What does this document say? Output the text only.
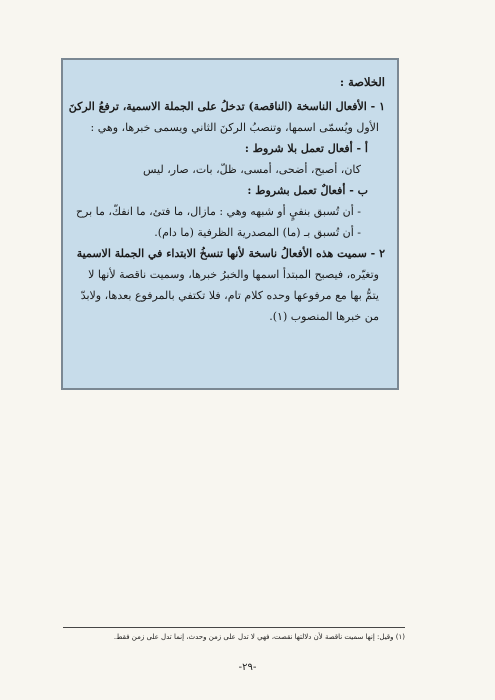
الخلاصة :
١ - الأفعال الناسخة (الناقصة) تدخلُ على الجملة الاسمية، ترفعُ الركنَ
الأول ويُسمّى اسمها، وتنصبُ الركنَ الثاني ويسمى خبرها، وهي :
أ - أفعال تعمل بلا شروط :
كان، أصبح، أضحى، أمسى، ظلّ، بات، صار، ليس
ب - أفعالٌ تعمل بشروط :
- أن تُسبق بنفيٍ أو شبهه وهي : مازال، ما فتئ، ما انفكّ، ما برح
- أن تُسبق بـ (ما) المصدرية الظرفية (ما دام).
٢ - سميت هذه الأفعالُ ناسخة لأنها تنسخُ الابتداء في الجملة الاسمية
وتغيّره، فيصبح المبتدأ اسمها والخبرُ خبرها، وسميت ناقصة لأنها لا
يتمُّ بها مع مرفوعها وحده كلام تام، فلا تكتفي بالمرفوع بعدها، ولابدّ
من خبرها المنصوب (١).
(١) وقيل: إنها سميت ناقصة لأن دلالتها نقصت، فهي لا تدل على زمن وحدث، إنما تدل على زمن فقط.
-٢٩-
